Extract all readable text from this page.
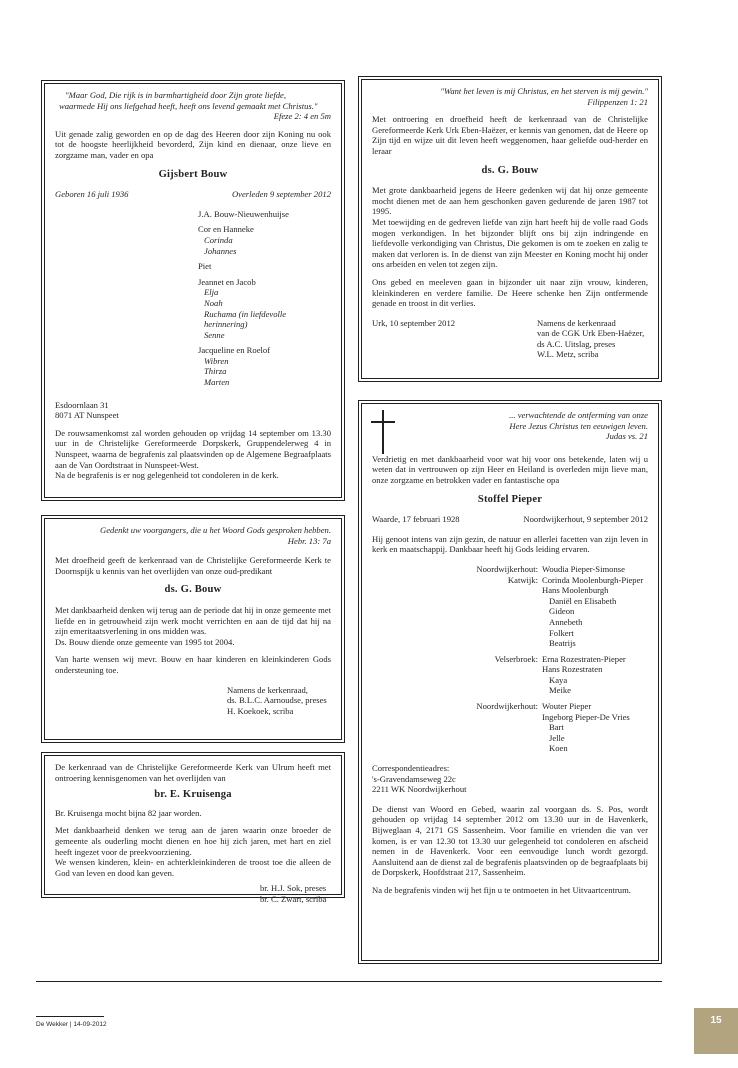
"Maar God, Die rijk is in barmhartigheid door Zijn grote liefde,

waarmede Hij ons liefgehad heeft, heeft ons levend gemaakt met Christus."

Efeze 2: 4 en 5m

Uit genade zalig geworden en op de dag des Heeren door zijn Koning nu ook tot de hoogste heerlijkheid bevorderd, Zijn kind en dienaar, onze lieve en zorgzame man, vader en opa

Gijsbert Bouw

Geboren 16 juli 1936	Overleden 9 september 2012

J.A. Bouw-Nieuwenhuijse

Cor en Hanneke

Corinda

Johannes

Piet

Jeannet en Jacob

Elja

Noah

Ruchama (in liefdevolle herinnering)

Senne

Jacqueline en Roelof

Wibren

Thirza

Marten

Esdoornlaan 31

8071 AT Nunspeet

De rouwsamenkomst zal worden gehouden op vrijdag 14 september om 13.30 uur in de Christelijke Gereformeerde Dorpskerk, Gruppendelerweg 4 in Nunspeet, waarna de begrafenis zal plaatsvinden op de Algemene Begraafplaats aan de Van Oordtstraat in Nunspeet-West.

Na de begrafenis is er nog gelegenheid tot condoleren in de kerk.

Gedenkt uw voorgangers, die u het Woord Gods gesproken hebben.

Hebr. 13: 7a

Met droefheid geeft de kerkenraad van de Christelijke Gereformeerde Kerk te Doornspijk u kennis van het overlijden van onze oud-predikant

ds. G. Bouw

Met dankbaarheid denken wij terug aan de periode dat hij in onze gemeente met liefde en in getrouwheid zijn werk mocht verrichten en aan de tijd dat hij na zijn emeritaatsverlening in ons midden was.

Ds. Bouw diende onze gemeente van 1995 tot 2004.

Van harte wensen wij mevr. Bouw en haar kinderen en kleinkinderen Gods ondersteuning toe.

Namens de kerkenraad,

ds. B.L.C. Aarnoudse, preses

H. Koekoek, scriba

De kerkenraad van de Christelijke Gereformeerde Kerk van Ulrum heeft met ontroering kennisgenomen van het overlijden van

br. E. Kruisenga

Br. Kruisenga mocht bijna 82 jaar worden.

Met dankbaarheid denken we terug aan de jaren waarin onze broeder de gemeente als ouderling mocht dienen en hoe hij zich jaren, met hart en ziel heeft ingezet voor de preekvoorziening.

We wensen kinderen, klein- en achterkleinkinderen de troost toe die alleen de God van leven en dood kan geven.

br. H.J. Sok, preses

br. C. Zwart, scriba

"Want het leven is mij Christus, en het sterven is mij gewin."

Filippenzen 1: 21

Met ontroering en droefheid heeft de kerkenraad van de Christelijke Gereformeerde Kerk Urk Eben-Haëzer, er kennis van genomen, dat de Heere op Zijn tijd en wijze uit dit leven heeft weggenomen, haar geliefde oud-herder en leraar

ds. G. Bouw

Met grote dankbaarheid jegens de Heere gedenken wij dat hij onze gemeente mocht dienen met de aan hem geschonken gaven gedurende de jaren 1987 tot 1995.

Met toewijding en de gedreven liefde van zijn hart heeft hij de volle raad Gods mogen verkondigen. In het bijzonder blijft ons bij zijn indringende en liefdevolle verkondiging van Christus, Die gekomen is om te zoeken en zalig te maken dat verloren is. In de dienst van zijn Meester en Koning mocht hij onder ons arbeiden en velen tot zegen zijn.

Ons gebed en meeleven gaan in bijzonder uit naar zijn vrouw, kinderen, kleinkinderen en verdere familie. De Heere schenke hen Zijn ontfermende genade en troost in dit verlies.

Urk, 10 september 2012	Namens de kerkenraad

van de CGK Urk Eben-Haëzer,

ds A.C. Uitslag, preses

W.L. Metz, scriba

... verwachtende de ontferming van onze

Here Jezus Christus ten eeuwigen leven.

Judas vs. 21

Verdrietig en met dankbaarheid voor wat hij voor ons betekende, laten wij u weten dat in vertrouwen op zijn Heer en Heiland is overleden mijn lieve man, onze zorgzame en betrokken vader en fantastische opa

Stoffel Pieper

Waarde, 17 februari 1928	Noordwijkerhout, 9 september 2012

Hij genoot intens van zijn gezin, de natuur en allerlei facetten van zijn leven in kerk en maatschappij. Dankbaar heeft hij Gods leiding ervaren.

Noordwijkerhout: Woudia Pieper-Simonse
Katwijk: Corinda Moolenburgh-Pieper

Hans Moolenburgh

Daniël en Elisabeth

Gideon

Annebeth

Folkert

Beatrijs

Velserbroek: Erna Rozestraten-Pieper

Hans Rozestraten

Kaya

Meike

Noordwijkerhout: Wouter Pieper

Ingeborg Pieper-De Vries

Bart

Jelle

Koen

Correspondentieadres:

's-Gravendamseweg 22c

2211 WK Noordwijkerhout

De dienst van Woord en Gebed, waarin zal voorgaan ds. S. Pos, wordt gehouden op vrijdag 14 september 2012 om 13.30 uur in de Havenkerk, Bijweglaan 4, 2171 GS Sassenheim. Voor familie en vrienden die van ver komen, is er van 12.30 tot 13.30 uur gelegenheid tot condoleren en afscheid nemen in de Havenkerk. Voor een eenvoudige lunch wordt gezorgd. Aansluitend aan de dienst zal de begrafenis plaatsvinden op de begraafplaats bij de Dorpskerk, Hoofdstraat 217, Sassenheim.

Na de begrafenis vinden wij het fijn u te ontmoeten in het Uitvaartcentrum.

De Wekker | 14-09-2012	15
